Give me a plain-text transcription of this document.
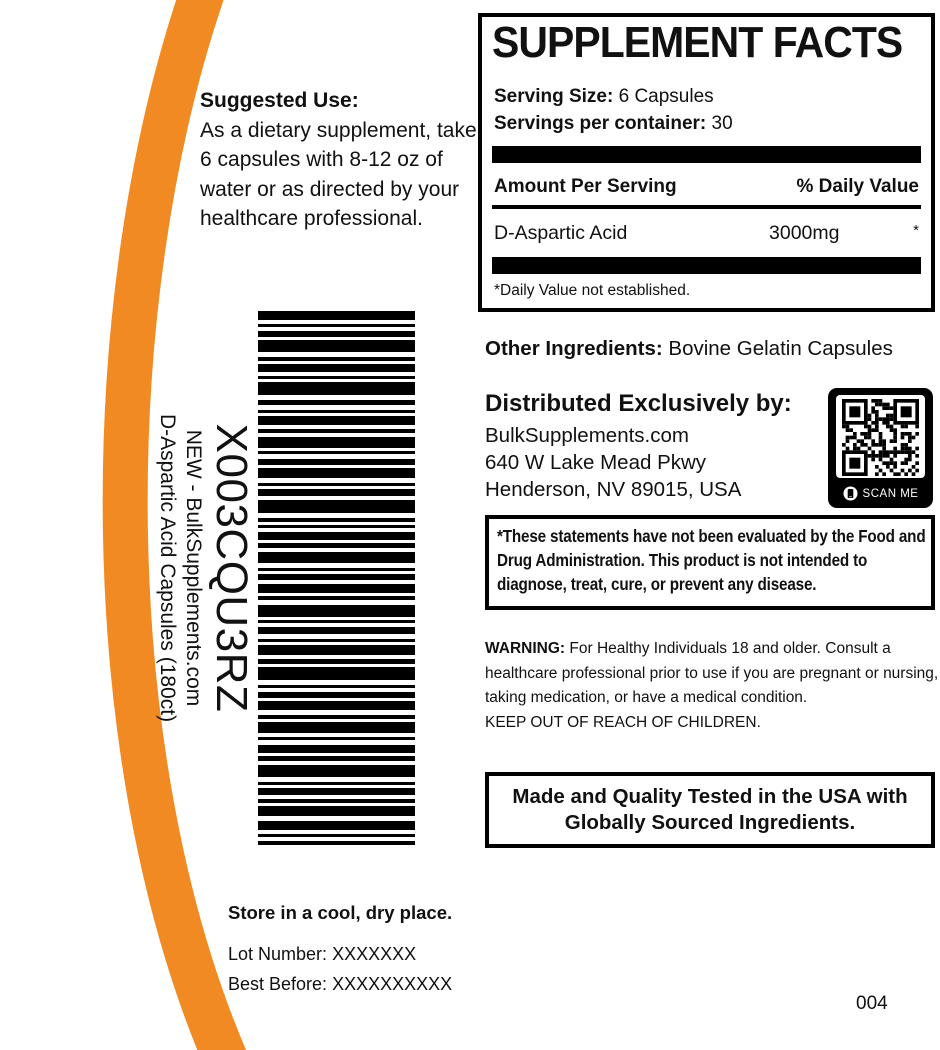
Suggested Use:
As a dietary supplement, take 6 capsules with 8-12 oz of water or as directed by your healthcare professional.
X003CQU3RZ
NEW - BulkSupplements.com
D-Aspartic Acid Capsules (180ct)
SUPPLEMENT FACTS
Serving Size: 6 Capsules
Servings per container: 30
Amount Per Serving	% Daily Value
D-Aspartic Acid	3000mg	*
*Daily Value not established.
Other Ingredients: Bovine Gelatin Capsules
Distributed Exclusively by:
BulkSupplements.com
640 W Lake Mead Pkwy
Henderson, NV 89015, USA	SCAN ME
*These statements have not been evaluated by the Food and Drug Administration. This product is not intended to diagnose, treat, cure, or prevent any disease.
WARNING: For Healthy Individuals 18 and older. Consult a healthcare professional prior to use if you are pregnant or nursing, taking medication, or have a medical condition.
KEEP OUT OF REACH OF CHILDREN.
Made and Quality Tested in the USA with
Globally Sourced Ingredients.
Store in a cool, dry place.
Lot Number: XXXXXXX
Best Before: XXXXXXXXXX
004
